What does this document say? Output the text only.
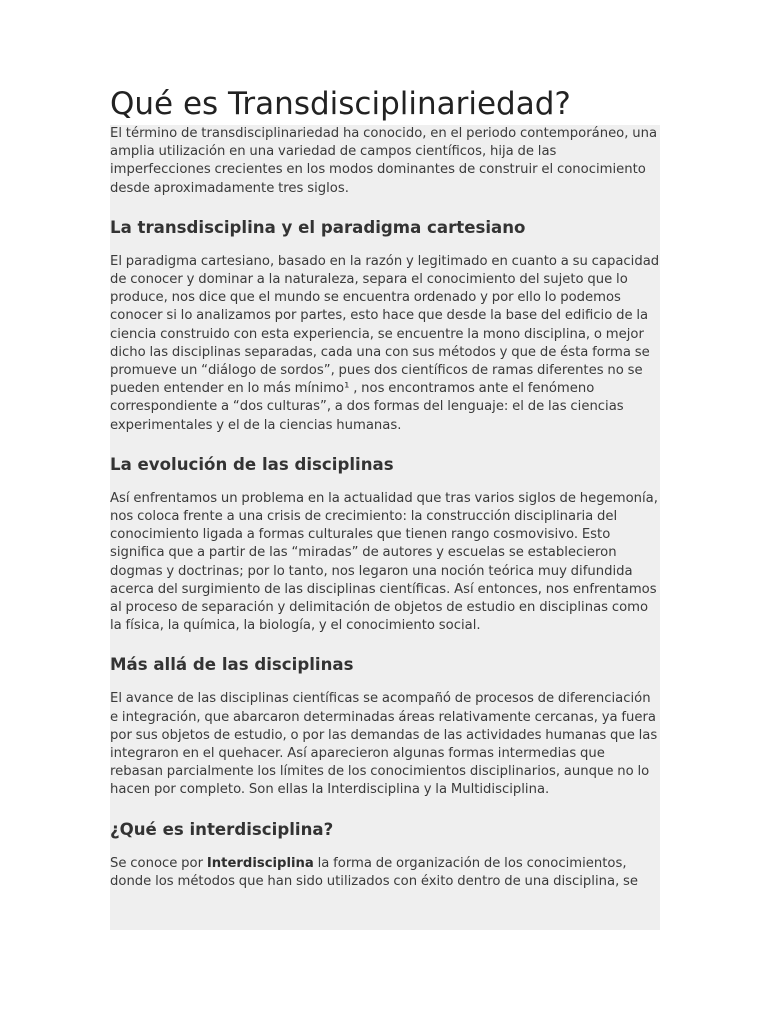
Qué es Transdisciplinariedad?

El término de transdisciplinariedad ha conocido, en el periodo contemporáneo, una amplia utilización en una variedad de campos científicos, hija de las imperfecciones crecientes en los modos dominantes de construir el conocimiento desde aproximadamente tres siglos.

La transdisciplina y el paradigma cartesiano

El paradigma cartesiano, basado en la razón y legitimado en cuanto a su capacidad de conocer y dominar a la naturaleza, separa el conocimiento del sujeto que lo produce, nos dice que el mundo se encuentra ordenado y por ello lo podemos conocer si lo analizamos por partes, esto hace que desde la base del edificio de la ciencia construido con esta experiencia, se encuentre la mono disciplina, o mejor dicho las disciplinas separadas, cada una con sus métodos y que de ésta forma se promueve un “diálogo de sordos”, pues dos científicos de ramas diferentes no se pueden entender en lo más mínimo¹ , nos encontramos ante el fenómeno correspondiente a “dos culturas”, a dos formas del lenguaje: el de las ciencias experimentales y el de la ciencias humanas.

La evolución de las disciplinas

Así enfrentamos un problema en la actualidad que tras varios siglos de hegemonía, nos coloca frente a una crisis de crecimiento: la construcción disciplinaria del conocimiento ligada a formas culturales que tienen rango cosmovisivo. Esto significa que a partir de las “miradas” de autores y escuelas se establecieron dogmas y doctrinas; por lo tanto, nos legaron una noción teórica muy difundida acerca del surgimiento de las disciplinas científicas. Así entonces, nos enfrentamos al proceso de separación y delimitación de objetos de estudio en disciplinas como la física, la química, la biología, y el conocimiento social.

Más allá de las disciplinas

El avance de las disciplinas científicas se acompañó de procesos de diferenciación e integración, que abarcaron determinadas áreas relativamente cercanas, ya fuera por sus objetos de estudio, o por las demandas de las actividades humanas que las integraron en el quehacer. Así aparecieron algunas formas intermedias que rebasan parcialmente los límites de los conocimientos disciplinarios, aunque no lo hacen por completo. Son ellas la Interdisciplina y la Multidisciplina.

¿Qué es interdisciplina?

Se conoce por Interdisciplina la forma de organización de los conocimientos, donde los métodos que han sido utilizados con éxito dentro de una disciplina, se
